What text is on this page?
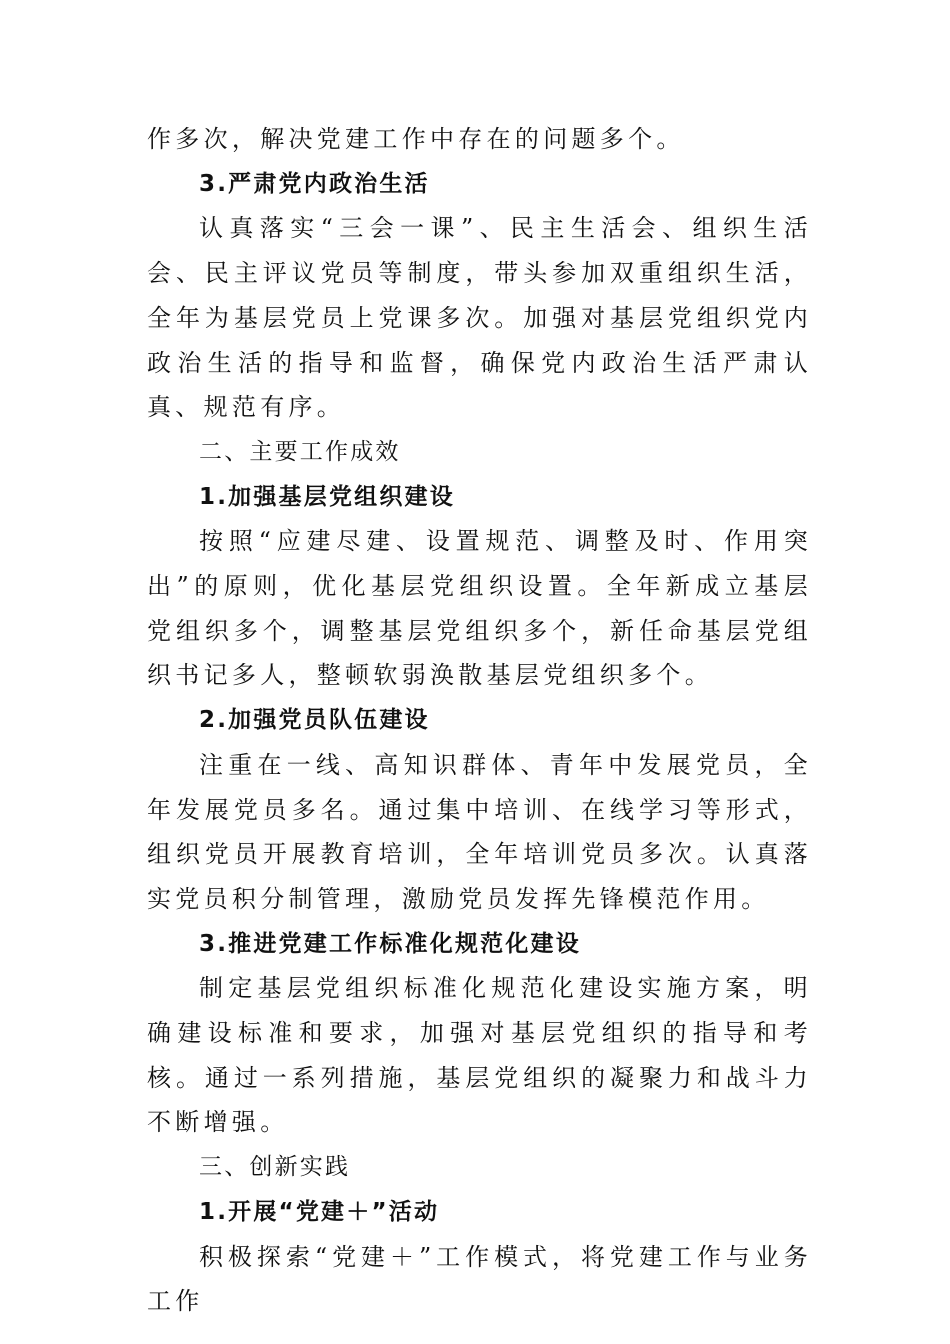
作多次，解决党建工作中存在的问题多个。

3.严肃党内政治生活

认真落实“三会一课”、民主生活会、组织生活会、民主评议党员等制度，带头参加双重组织生活，全年为基层党员上党课多次。加强对基层党组织党内政治生活的指导和监督，确保党内政治生活严肃认真、规范有序。

二、主要工作成效

1.加强基层党组织建设

按照“应建尽建、设置规范、调整及时、作用突出”的原则，优化基层党组织设置。全年新成立基层党组织多个，调整基层党组织多个，新任命基层党组织书记多人，整顿软弱涣散基层党组织多个。

2.加强党员队伍建设

注重在一线、高知识群体、青年中发展党员，全年发展党员多名。通过集中培训、在线学习等形式，组织党员开展教育培训，全年培训党员多次。认真落实党员积分制管理，激励党员发挥先锋模范作用。

3.推进党建工作标准化规范化建设

制定基层党组织标准化规范化建设实施方案，明确建设标准和要求，加强对基层党组织的指导和考核。通过一系列措施，基层党组织的凝聚力和战斗力不断增强。

三、创新实践

1.开展“党建＋”活动

积极探索“党建＋”工作模式，将党建工作与业务工作
